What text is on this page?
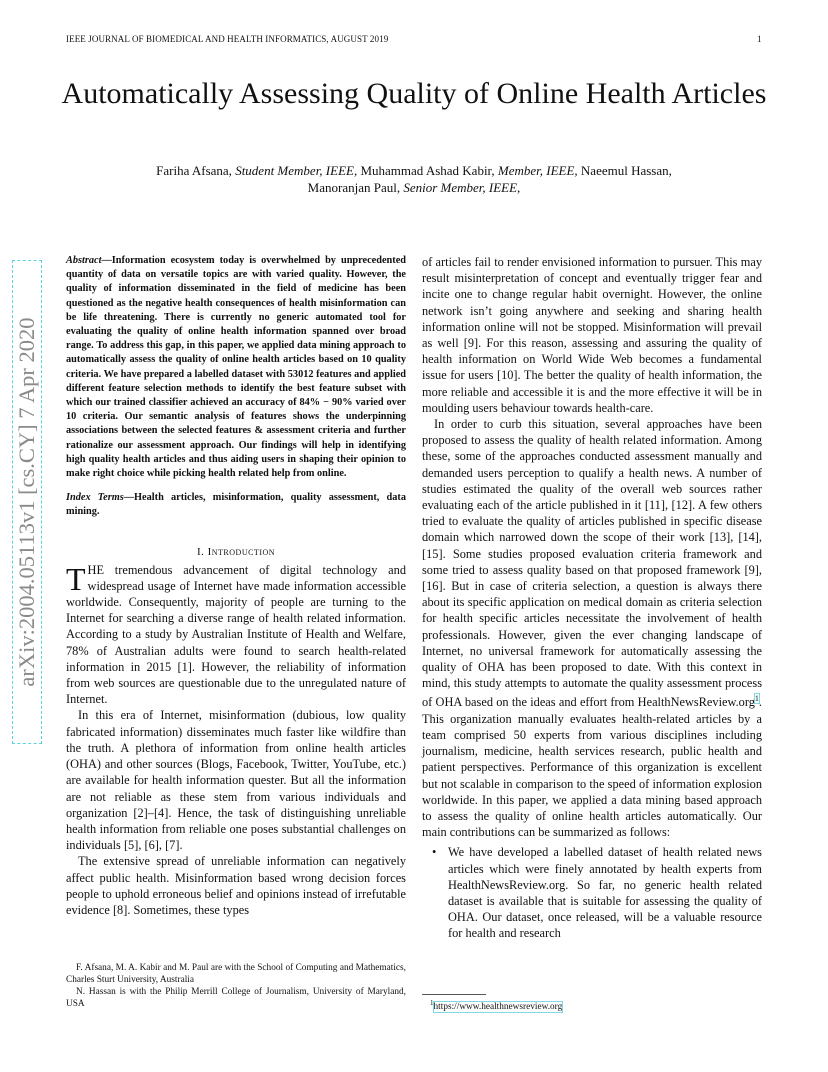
IEEE JOURNAL OF BIOMEDICAL AND HEALTH INFORMATICS, AUGUST 2019	1
Automatically Assessing Quality of Online Health Articles
Fariha Afsana, Student Member, IEEE, Muhammad Ashad Kabir, Member, IEEE, Naeemul Hassan,
Manoranjan Paul, Senior Member, IEEE,
arXiv:2004.05113v1 [cs.CY] 7 Apr 2020

Abstract—Information ecosystem today is overwhelmed by unprecedented quantity of data on versatile topics are with varied quality. However, the quality of information disseminated in the field of medicine has been questioned as the negative health consequences of health misinformation can be life threatening. There is currently no generic automated tool for evaluating the quality of online health information spanned over broad range. To address this gap, in this paper, we applied data mining approach to automatically assess the quality of online health articles based on 10 quality criteria. We have prepared a labelled dataset with 53012 features and applied different feature selection methods to identify the best feature subset with which our trained classifier achieved an accuracy of 84% − 90% varied over 10 criteria. Our semantic analysis of features shows the underpinning associations between the selected features & assessment criteria and further rationalize our assessment approach. Our findings will help in identifying high quality health articles and thus aiding users in shaping their opinion to make right choice while picking health related help from online.

Index Terms—Health articles, misinformation, quality assessment, data mining.

I. Introduction

THE tremendous advancement of digital technology and widespread usage of Internet have made information accessible worldwide. Consequently, majority of people are turning to the Internet for searching a diverse range of health related information. According to a study by Australian Institute of Health and Welfare, 78% of Australian adults were found to search health-related information in 2015 [1]. However, the reliability of information from web sources are questionable due to the unregulated nature of Internet.

In this era of Internet, misinformation (dubious, low quality fabricated information) disseminates much faster like wildfire than the truth. A plethora of information from online health articles (OHA) and other sources (Blogs, Facebook, Twitter, YouTube, etc.) are available for health information quester. But all the information are not reliable as these stem from various individuals and organization [2]–[4]. Hence, the task of distinguishing unreliable health information from reliable one poses substantial challenges on individuals [5], [6], [7].

The extensive spread of unreliable information can negatively affect public health. Misinformation based wrong decision forces people to uphold erroneous belief and opinions instead of irrefutable evidence [8]. Sometimes, these types

of articles fail to render envisioned information to pursuer. This may result misinterpretation of concept and eventually trigger fear and incite one to change regular habit overnight. However, the online network isn’t going anywhere and seeking and sharing health information online will not be stopped. Misinformation will prevail as well [9]. For this reason, assessing and assuring the quality of health information on World Wide Web becomes a fundamental issue for users [10]. The better the quality of health information, the more reliable and accessible it is and the more effective it will be in moulding users behaviour towards health-care.

In order to curb this situation, several approaches have been proposed to assess the quality of health related information. Among these, some of the approaches conducted assessment manually and demanded users perception to qualify a health news. A number of studies estimated the quality of the overall web sources rather evaluating each of the article published in it [11], [12]. A few others tried to evaluate the quality of articles published in specific disease domain which narrowed down the scope of their work [13], [14], [15]. Some studies proposed evaluation criteria framework and some tried to assess quality based on that proposed framework [9], [16]. But in case of criteria selection, a question is always there about its specific application on medical domain as criteria selection for health specific articles necessitate the involvement of health professionals. However, given the ever changing landscape of Internet, no universal framework for automatically assessing the quality of OHA has been proposed to date. With this context in mind, this study attempts to automate the quality assessment process of OHA based on the ideas and effort from HealthNewsReview.org$^1$. This organization manually evaluates health-related articles by a team comprised 50 experts from various disciplines including journalism, medicine, health services research, public health and patient perspectives. Performance of this organization is excellent but not scalable in comparison to the speed of information explosion worldwide. In this paper, we applied a data mining based approach to assess the quality of online health articles automatically. Our main contributions can be summarized as follows:

• We have developed a labelled dataset of health related news articles which were finely annotated by health experts from HealthNewsReview.org. So far, no generic health related dataset is available that is suitable for assessing the quality of OHA. Our dataset, once released, will be a valuable resource for health and research

F. Afsana, M. A. Kabir and M. Paul are with the School of Computing and Mathematics, Charles Sturt University, Australia

N. Hassan is with the Philip Merrill College of Journalism, University of Maryland, USA	$^1$https://www.healthnewsreview.org
